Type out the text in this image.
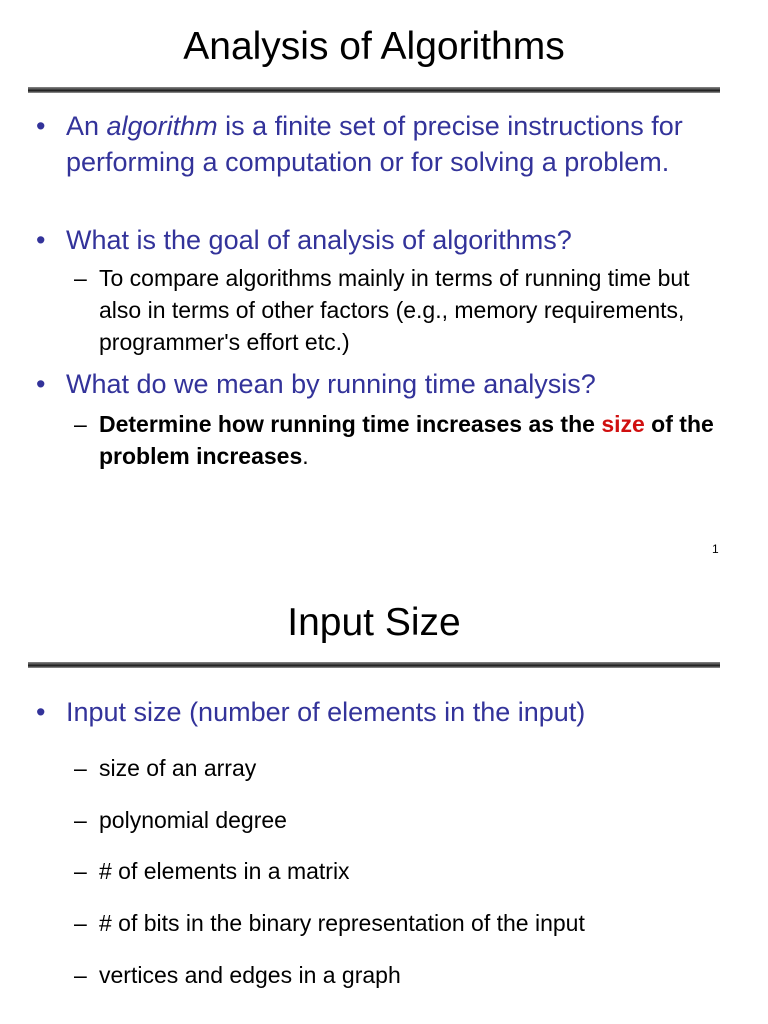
Analysis of Algorithms
• An algorithm is a finite set of precise instructions for performing a computation or for solving a problem.
• What is the goal of analysis of algorithms?
– To compare algorithms mainly in terms of running time but also in terms of other factors (e.g., memory requirements, programmer's effort etc.)
• What do we mean by running time analysis?
– Determine how running time increases as the size of the problem increases.
1
Input Size
• Input size (number of elements in the input)
– size of an array
– polynomial degree
– # of elements in a matrix
– # of bits in the binary representation of the input
– vertices and edges in a graph
